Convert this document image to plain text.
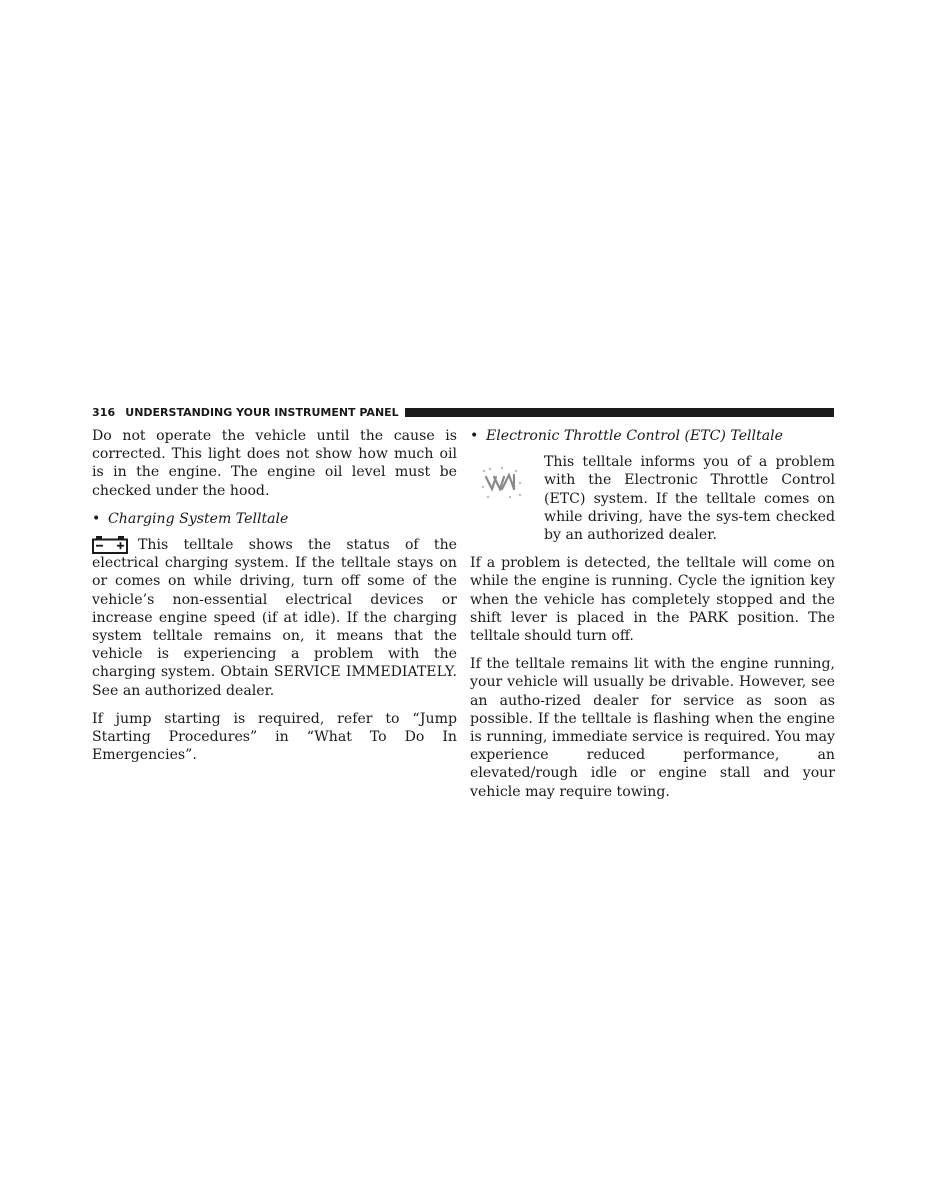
316 UNDERSTANDING YOUR INSTRUMENT PANEL

Do not operate the vehicle until the cause is corrected. This light does not show how much oil is in the engine. The engine oil level must be checked under the hood.

• Charging System Telltale
This telltale shows the status of the electrical charging system. If the telltale stays on or comes on while driving, turn off some of the vehicle’s non-essential electrical devices or increase engine speed (if at idle). If the charging system telltale remains on, it means that the vehicle is experiencing a problem with the charging system. Obtain SERVICE IMMEDIATELY. See an authorized dealer.

If jump starting is required, refer to “Jump Starting Procedures” in “What To Do In Emergencies”.

• Electronic Throttle Control (ETC) Telltale
This telltale informs you of a problem with the Electronic Throttle Control (ETC) system. If the telltale comes on while driving, have the sys-tem checked by an authorized dealer.

If a problem is detected, the telltale will come on while the engine is running. Cycle the ignition key when the vehicle has completely stopped and the shift lever is placed in the PARK position. The telltale should turn off.

If the telltale remains lit with the engine running, your vehicle will usually be drivable. However, see an autho-rized dealer for service as soon as possible. If the telltale is flashing when the engine is running, immediate service is required. You may experience reduced performance, an elevated/rough idle or engine stall and your vehicle may require towing.
